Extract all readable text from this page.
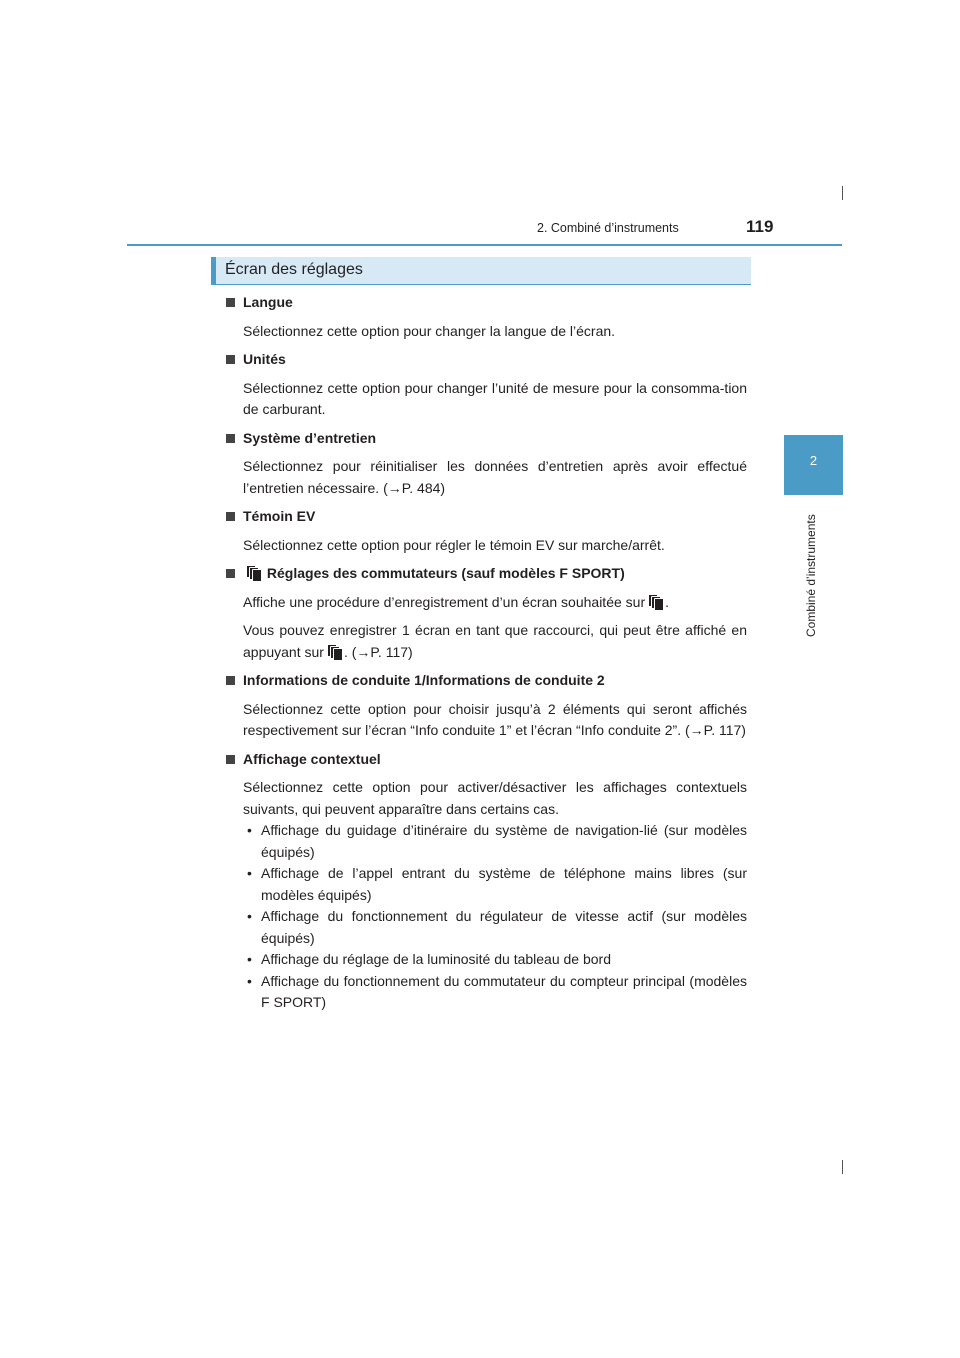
2. Combiné d’instruments	119
2
Combiné d’instruments
Écran des réglages
Langue
Sélectionnez cette option pour changer la langue de l’écran.
Unités
Sélectionnez cette option pour changer l’unité de mesure pour la consomma-tion de carburant.
Système d’entretien
Sélectionnez pour réinitialiser les données d’entretien après avoir effectué l’entretien nécessaire. (→P. 484)
Témoin EV
Sélectionnez cette option pour régler le témoin EV sur marche/arrêt.
Réglages des commutateurs (sauf modèles F SPORT)

Affiche une procédure d’enregistrement d’un écran souhaitée sur .

Vous pouvez enregistrer 1 écran en tant que raccourci, qui peut être affiché en appuyant sur . (→P. 117)

Informations de conduite 1/Informations de conduite 2
Sélectionnez cette option pour choisir jusqu’à 2 éléments qui seront affichés respectivement sur l’écran “Info conduite 1” et l’écran “Info conduite 2”. (→P. 117)
Affichage contextuel
Sélectionnez cette option pour activer/désactiver les affichages contextuels suivants, qui peuvent apparaître dans certains cas.
• Affichage du guidage d’itinéraire du système de navigation-lié (sur modèles équipés)
• Affichage de l’appel entrant du système de téléphone mains libres (sur modèles équipés)
• Affichage du fonctionnement du régulateur de vitesse actif (sur modèles équipés)
• Affichage du réglage de la luminosité du tableau de bord
• Affichage du fonctionnement du commutateur du compteur principal (modèles F SPORT)
